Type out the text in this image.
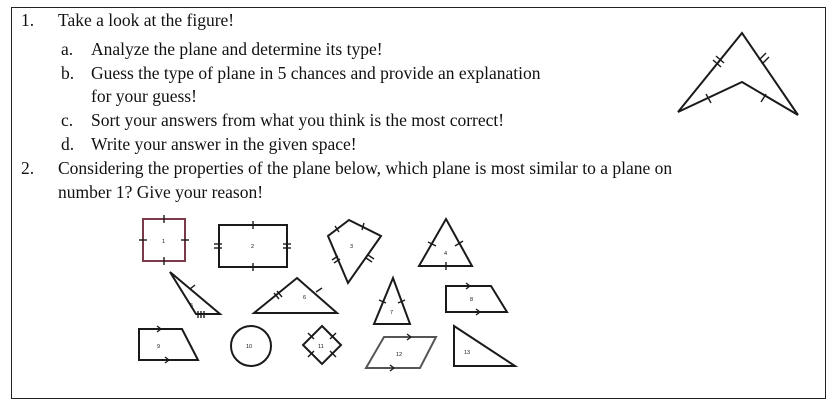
1. Take a look at the figure!
a. Analyze the plane and determine its type!
b. Guess the type of plane in 5 chances and provide an explanation
for your guess!
c. Sort your answers from what you think is the most correct!
d. Write your answer in the given space!
2. Considering the properties of the plane below, which plane is most similar to a plane on
number 1? Give your reason!
1
2	3
4
5
6
7
8
9	10	11
12	13
